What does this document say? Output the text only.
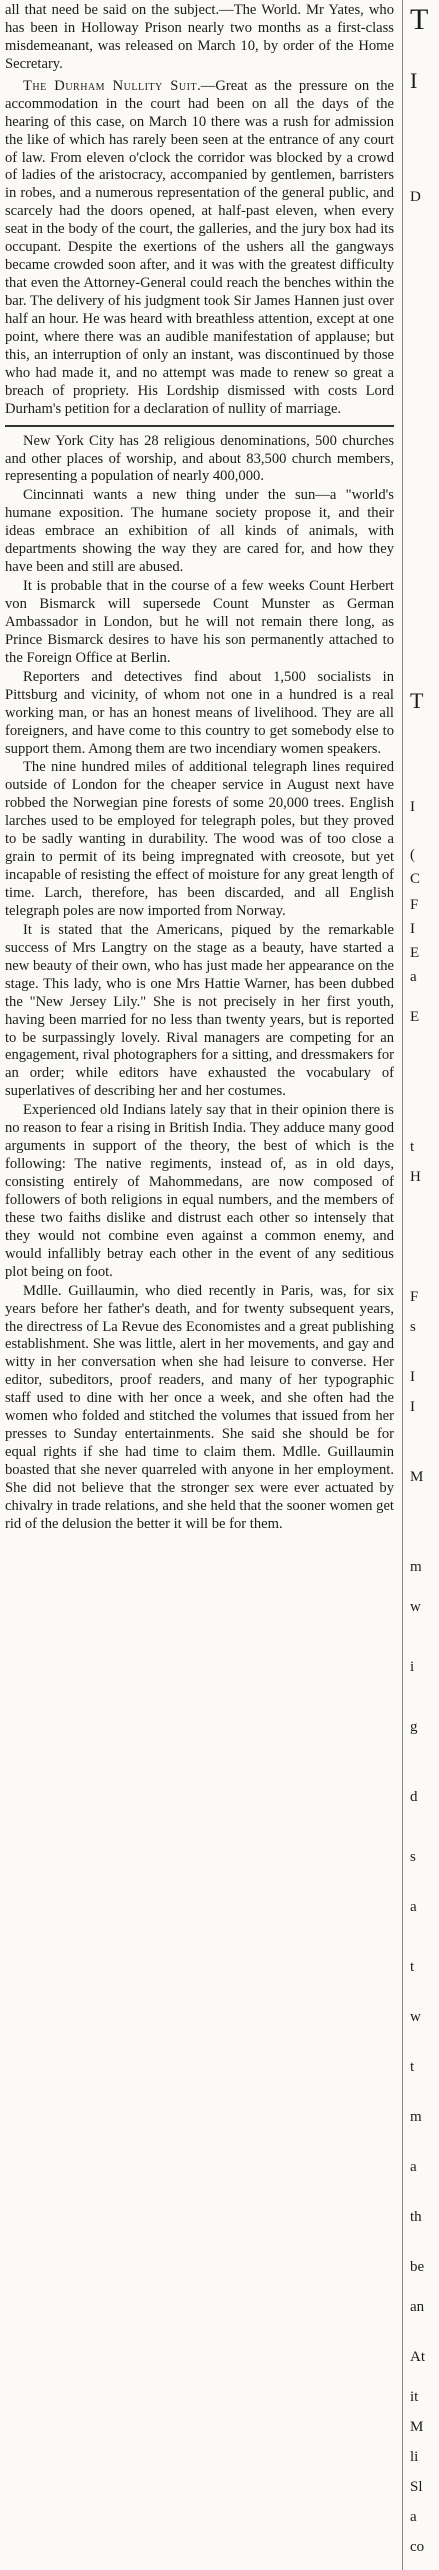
all that need be said on the subject.—The World. Mr Yates, who has been in Holloway Prison nearly two months as a first-class misdemeanant, was released on March 10, by order of the Home Secretary.

The Durham Nullity Suit.—Great as the pressure on the accommodation in the court had been on all the days of the hearing of this case, on March 10 there was a rush for admission the like of which has rarely been seen at the entrance of any court of law. From eleven o'clock the corridor was blocked by a crowd of ladies of the aristocracy, accompanied by gentlemen, barristers in robes, and a numerous representation of the general public, and scarcely had the doors opened, at half-past eleven, when every seat in the body of the court, the galleries, and the jury box had its occupant. Despite the exertions of the ushers all the gangways became crowded soon after, and it was with the greatest difficulty that even the Attorney-General could reach the benches within the bar. The delivery of his judgment took Sir James Hannen just over half an hour. He was heard with breathless attention, except at one point, where there was an audible manifestation of applause; but this, an interruption of only an instant, was discontinued by those who had made it, and no attempt was made to renew so great a breach of propriety. His Lordship dismissed with costs Lord Durham's petition for a declaration of nullity of marriage.

New York City has 28 religious denominations, 500 churches and other places of worship, and about 83,500 church members, representing a population of nearly 400,000.

Cincinnati wants a new thing under the sun—a "world's humane exposition. The humane society propose it, and their ideas embrace an exhibition of all kinds of animals, with departments showing the way they are cared for, and how they have been and still are abused.

It is probable that in the course of a few weeks Count Herbert von Bismarck will supersede Count Munster as German Ambassador in London, but he will not remain there long, as Prince Bismarck desires to have his son permanently attached to the Foreign Office at Berlin.

Reporters and detectives find about 1,500 socialists in Pittsburg and vicinity, of whom not one in a hundred is a real working man, or has an honest means of livelihood. They are all foreigners, and have come to this country to get somebody else to support them. Among them are two incendiary women speakers.

The nine hundred miles of additional telegraph lines required outside of London for the cheaper service in August next have robbed the Norwegian pine forests of some 20,000 trees. English larches used to be employed for telegraph poles, but they proved to be sadly wanting in durability. The wood was of too close a grain to permit of its being impregnated with creosote, but yet incapable of resisting the effect of moisture for any great length of time. Larch, therefore, has been discarded, and all English telegraph poles are now imported from Norway.

It is stated that the Americans, piqued by the remarkable success of Mrs Langtry on the stage as a beauty, have started a new beauty of their own, who has just made her appearance on the stage. This lady, who is one Mrs Hattie Warner, has been dubbed the "New Jersey Lily." She is not precisely in her first youth, having been married for no less than twenty years, but is reported to be surpassingly lovely. Rival managers are competing for an engagement, rival photographers for a sitting, and dressmakers for an order; while editors have exhausted the vocabulary of superlatives of describing her and her costumes.

Experienced old Indians lately say that in their opinion there is no reason to fear a rising in British India. They adduce many good arguments in support of the theory, the best of which is the following: The native regiments, instead of, as in old days, consisting entirely of Mahommedans, are now composed of followers of both religions in equal numbers, and the members of these two faiths dislike and distrust each other so intensely that they would not combine even against a common enemy, and would infallibly betray each other in the event of any seditious plot being on foot.

Mdlle. Guillaumin, who died recently in Paris, was, for six years before her father's death, and for twenty subsequent years, the directress of La Revue des Economistes and a great publishing establishment. She was little, alert in her movements, and gay and witty in her conversation when she had leisure to converse. Her editor, subeditors, proof readers, and many of her typographic staff used to dine with her once a week, and she often had the women who folded and stitched the volumes that issued from her presses to Sunday entertainments. She said she should be for equal rights if she had time to claim them. Mdlle. Guillaumin boasted that she never quarreled with anyone in her employment. She did not believe that the stronger sex were ever actuated by chivalry in trade relations, and she held that the sooner women get rid of the delusion the better it will be for them.

T
I
D
T
I
(
C
F
I
E
a
E
t
H
F
s
I
I
M
m
w
i
g
d
s
a
t
w
t
m
a
th
be
an
At
it
M
li
Sl
a
co
